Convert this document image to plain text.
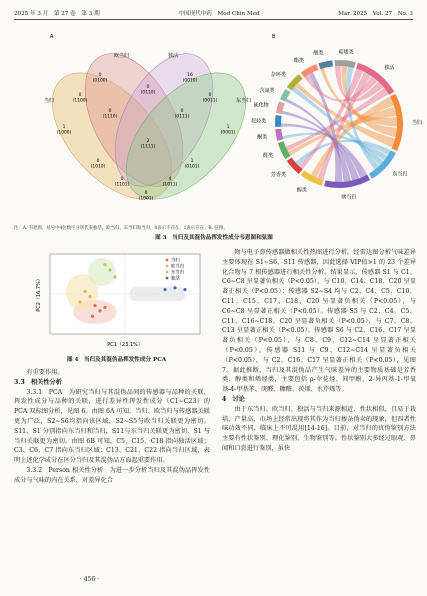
2025 年 3 月　第 27 卷　第 3 期	中国现代中药　Mod Chin Med	Mar. 2025　Vol. 27　No. 3
A
当归
欧当归	独活
东当归
1
(1000)
0
(0100)
16
(0010)
1
(0001)
0
(1100)
0
(1010)
0
(0110)
0
(1001)
1
(0101)
0
(0011)
0
(1110)
0
(1101)
4
(1011)
0
(0111)
2
(1111)
B
独活
当归
东当归
欧当归
醇类
芳香类
醛类
酮类
烷烃类
硫化物
含氮类
杂环类
酯类
酸类	萜烯类
注：A. 韦恩图，括号中4位数字分别代表独活、欧当归、东当归和当归，0表示不存在，1表示存在；B. 弦图。
图 3　当归及其混伪品挥发性成分韦恩图和弦图
当归
欧当归
东当归
独活
PC1（23.1%）
PC2（16.7%）
图 4　当归及其混伪品挥发性成分 PCA

有重要作用。

3.3　相关性分析

3.3.1　PCA　为研究当归与其混伪品间的传感器与品种的关联，挥发性成分与品种的关联，进行差异性挥发性成分（C1~C23）的 PCA 双标图分析，见图 6。由图 6A 可知，当归、欧当归与传感器关联更为广泛，S2~S6均指向该区域，S2~S5与欧当归关联更为密切。S11、S1 分别指向东当归和当归，S11与东当归关联更为密切，S1 与当归关联更为密切。由图 6B 可知，C5、C15、C18 指向独活区域；C3、C6、C7 指向东当归区域；C13、C21、C22 指向当归区域，表明上述化学成分在区分当归及其混伪品方面起重要作用。

3.3.2　Person 相关性分析　为进一步分析当归及其混伪品挥发性成分与气味的内在关系，对差异化合

物与电子鼻传感器做相关性热图进行分析。经雷达图分析气味差异主要体现在 S1~S6、S11 传感器，因此选择 VIP值>1 的 23 个差异化合物与 7 根传感器进行相关性分析。结果显示，传感器 S1 与 C1、C6~C8 呈显著负相关（P<0.05），与 C10、C14、C18、C20 呈显著正相关（P<0.05）；传感器 S2~S4 均与 C2、C4、C5、C10、C11、C15、C17、C18、C20 呈显著负相关（P<0.05），与 C6~C8 呈显著正相关（P<0.05）。传感器 S5 与 C2、C4、C5、C11、C16~C18、C20 呈显著负相关（P<0.05），与 C7、C8、C13 呈显著正相关（P<0.05）。传感器 S6 与 C2、C16、C17 呈显著负相关（P<0.05），与 C8、C9、C12~C14 呈显著正相关（P<0.05）。传感器 S11 与 C9、C12~C14 呈显著负相关（P<0.05），与 C2、C16、C17 呈显著正相关（P<0.05），见图 7。据此推断，当归及其混伪品产生气味差异的主要物质基础是芳香类、醇类和烯烃类，主要包括 ρ-伞花烃、间甲酚、2-异丙基-1-甲氧基-4-甲基苯、庚醛、糠醛、茨烯、水芹烯等。

4　讨论

由于东当归、欧当归、独活与当归来源相近、性状相似，且易于栽培、产量高，市场上经常出现将其作为当归掺杂伪卖的现象，但四者性味功效不同，临床上不可混用[14-16]。目前，对当归的真伪鉴别方法主要有性状鉴别、理化鉴别、生物鉴别等。性状鉴别大多经过眼观、鼻闻和口尝进行鉴别，虽快

· 456 ·
